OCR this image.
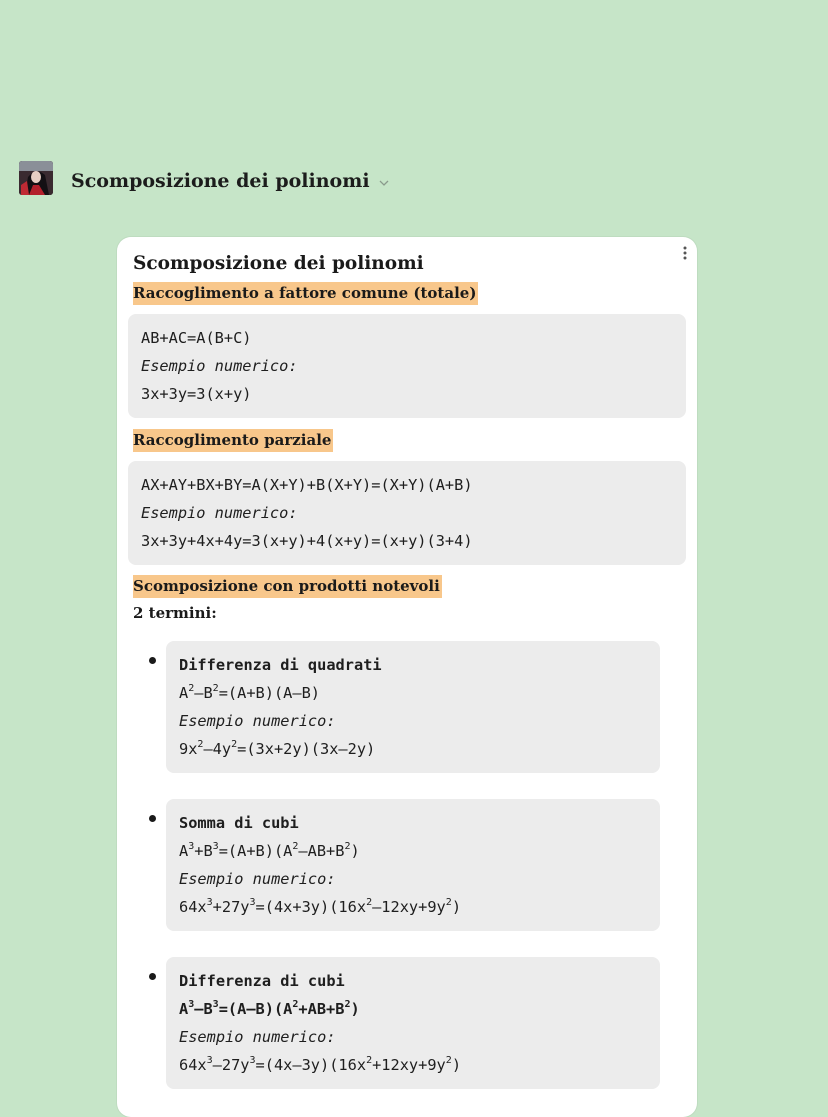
Scomposizione dei polinomi
Scomposizione dei polinomi
Raccoglimento a fattore comune (totale)
AB+AC=A(B+C)
Esempio numerico:
3x+3y=3(x+y)
Raccoglimento parziale
AX+AY+BX+BY=A(X+Y)+B(X+Y)=(X+Y)(A+B)
Esempio numerico:
3x+3y+4x+4y=3(x+y)+4(x+y)=(x+y)(3+4)
Scomposizione con prodotti notevoli
2 termini:
Differenza di quadrati
$A^2-B^2=(A+B)(A-B)$
Esempio numerico:
$9x^2-4y^2=(3x+2y)(3x-2y)$
Somma di cubi
$A^3+B^3=(A+B)(A^2-AB+B^2)$
Esempio numerico:
$64x^3+27y^3=(4x+3y)(16x^2-12xy+9y^2)$
Differenza di cubi
$A^3-B^3=(A-B)(A^2+AB+B^2)$
Esempio numerico:
$64x^3-27y^3=(4x-3y)(16x^2+12xy+9y^2)$
